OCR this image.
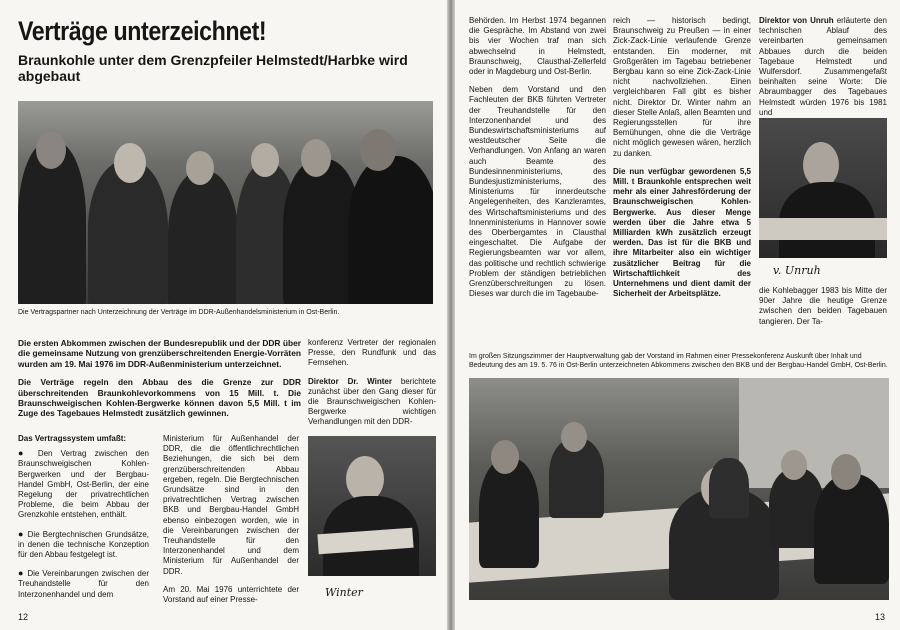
Verträge unterzeichnet!
Braunkohle unter dem Grenzpfeiler Helmstedt/Harbke wird abgebaut
Die Vertragspartner nach Unterzeichnung der Verträge im DDR-Außenhandelsministerium in Ost-Berlin.

Die ersten Abkommen zwischen der Bundesrepublik und der DDR über die gemeinsame Nutzung von grenzüberschreitenden Energie-Vorräten wurden am 19. Mai 1976 im DDR-Außenministerium unterzeichnet.

Die Verträge regeln den Abbau des die Grenze zur DDR überschreitenden Braunkohlevorkommens von 15 Mill. t. Die Braunschweigischen Kohlen-Bergwerke können davon 5,5 Mill. t im Zuge des Tagebaues Helmstedt zusätzlich gewinnen.

Das Vertragssystem umfaßt:

● Den Vertrag zwischen den Braunschweigischen Kohlen-Bergwerken und der Bergbau-Handel GmbH, Ost-Berlin, der eine Regelung der privatrechtlichen Probleme, die beim Abbau der Grenzkohle entstehen, enthält.

● Die Bergtechnischen Grundsätze, in denen die technische Konzeption für den Abbau festgelegt ist.

● Die Vereinbarungen zwischen der Treuhandstelle für den Interzonenhandel und dem

Ministerium für Außenhandel der DDR, die die öffentlichrechtlichen Beziehungen, die sich bei dem grenzüberschreitenden Abbau ergeben, regeln. Die Bergtechnischen Grundsätze sind in den privatrechtlichen Vertrag zwischen BKB und Bergbau-Handel GmbH ebenso einbezogen worden, wie in die Vereinbarungen zwischen der Treuhandstelle für den Interzonenhandel und dem Ministerium für Außenhandel der DDR.

Am 20. Mai 1976 unterrichtete der Vorstand auf einer Presse-

konferenz Vertreter der regionalen Presse, den Rundfunk und das Fernsehen.

Direktor Dr. Winter berichtete zunächst über den Gang dieser für die Braunschweigischen Kohlen-Bergwerke wichtigen Verhandlungen mit den DDR-

Winter
12

Behörden. Im Herbst 1974 begannen die Gespräche. Im Abstand von zwei bis vier Wochen traf man sich abwechselnd in Helmstedt, Braunschweig, Clausthal-Zellerfeld oder in Magdeburg und Ost-Berlin.

Neben dem Vorstand und den Fachleuten der BKB führten Vertreter der Treuhandstelle für den Interzonenhandel und des Bundeswirtschaftsministeriums auf westdeutscher Seite die Verhandlungen. Von Anfang an waren auch Beamte des Bundesinnenministeriums, des Bundesjustizministeriums, des Ministeriums für innerdeutsche Angelegenheiten, des Kanzleramtes, des Wirtschaftsministeriums und des Innenministeriums in Hannover sowie des Oberbergamtes in Clausthal eingeschaltet. Die Aufgabe der Regierungsbeamten war vor allem, das politische und rechtlich schwierige Problem der ständigen betrieblichen Grenzüberschreitungen zu lösen. Dieses war durch die im Tagebaube-

reich — historisch bedingt, Braunschweig zu Preußen — in einer Zick-Zack-Linie verlaufende Grenze entstanden. Ein moderner, mit Großgeräten im Tagebau betriebener Bergbau kann so eine Zick-Zack-Linie nicht nachvollziehen. Einen vergleichbaren Fall gibt es bisher nicht. Direktor Dr. Winter nahm an dieser Stelle Anlaß, allen Beamten und Regierungsstellen für ihre Bemühungen, ohne die die Verträge nicht möglich gewesen wären, herzlich zu danken.

Die nun verfügbar gewordenen 5,5 Mill. t Braunkohle entsprechen weit mehr als einer Jahresförderung der Braunschweigischen Kohlen-Bergwerke. Aus dieser Menge werden über die Jahre etwa 5 Milliarden kWh zusätzlich erzeugt werden. Das ist für die BKB und ihre Mitarbeiter also ein wichtiger zusätzlicher Beitrag für die Wirtschaftlichkeit des Unternehmens und dient damit der Sicherheit der Arbeitsplätze.

Direktor von Unruh erläuterte den technischen Ablauf des vereinbarten gemeinsamen Abbaues durch die beiden Tagebaue Helmstedt und Wulfersdorf. Zusammengefaßt beinhalten seine Worte: Die Abraumbagger des Tagebaues Helmstedt würden 1976 bis 1981 und

v. Unruh

die Kohlebagger 1983 bis Mitte der 90er Jahre die heutige Grenze zwischen den beiden Tagebauen tangieren. Der Ta-

Im großen Sitzungszimmer der Hauptverwaltung gab der Vorstand im Rahmen einer Pressekonferenz Auskunft über Inhalt und Bedeutung des am 19. 5. 76 in Ost-Berlin unterzeichneten Abkommens zwischen den BKB und der Bergbau-Handel GmbH, Ost-Berlin.
13
